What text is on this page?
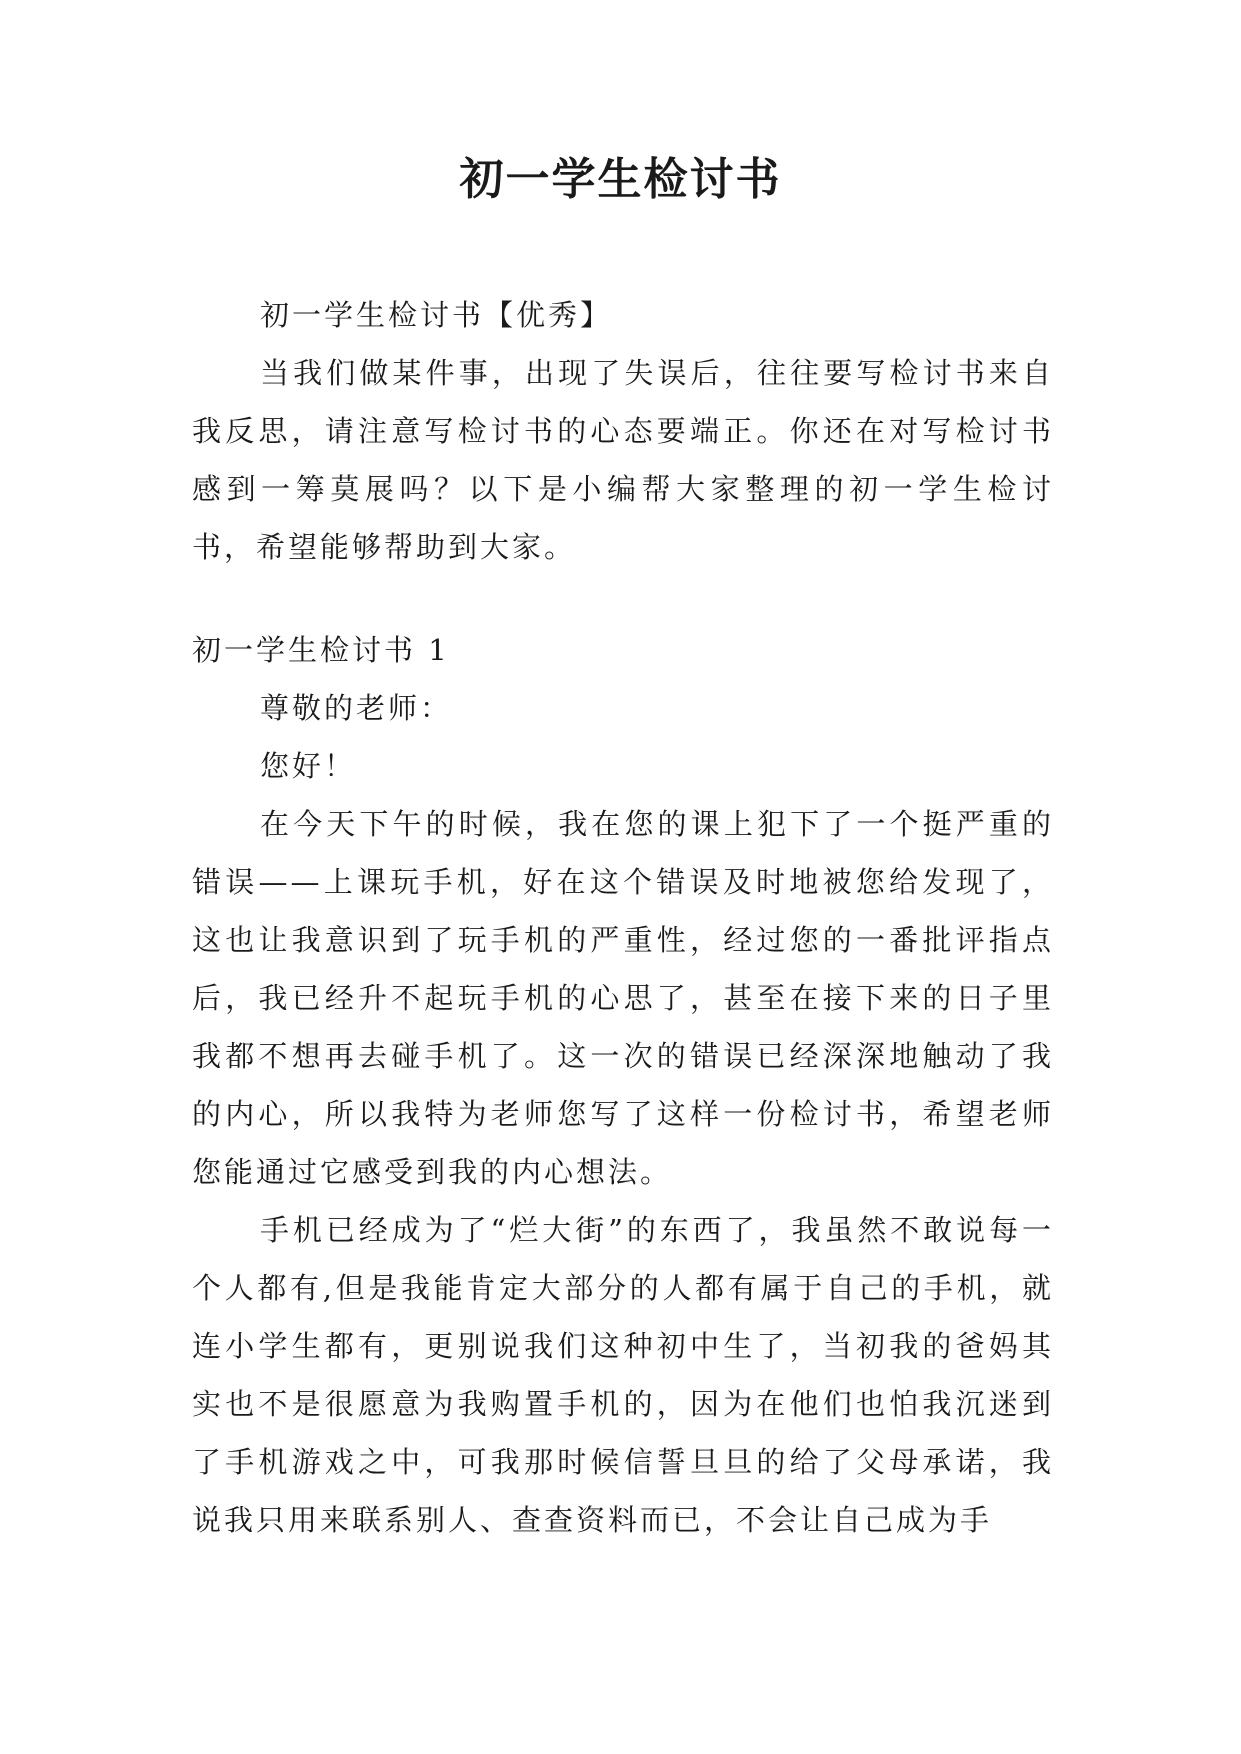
初一学生检讨书

初一学生检讨书【优秀】

当我们做某件事，出现了失误后，往往要写检讨书来自我反思，请注意写检讨书的心态要端正。你还在对写检讨书感到一筹莫展吗？以下是小编帮大家整理的初一学生检讨书，希望能够帮助到大家。

初一学生检讨书 1

尊敬的老师：

您好！

在今天下午的时候，我在您的课上犯下了一个挺严重的错误——上课玩手机，好在这个错误及时地被您给发现了，这也让我意识到了玩手机的严重性，经过您的一番批评指点后，我已经升不起玩手机的心思了，甚至在接下来的日子里我都不想再去碰手机了。这一次的错误已经深深地触动了我的内心，所以我特为老师您写了这样一份检讨书，希望老师您能通过它感受到我的内心想法。

手机已经成为了“烂大街”的东西了，我虽然不敢说每一个人都有,但是我能肯定大部分的人都有属于自己的手机，就连小学生都有，更别说我们这种初中生了，当初我的爸妈其实也不是很愿意为我购置手机的，因为在他们也怕我沉迷到了手机游戏之中，可我那时候信誓旦旦的给了父母承诺，我说我只用来联系别人、查查资料而已，不会让自己成为手
